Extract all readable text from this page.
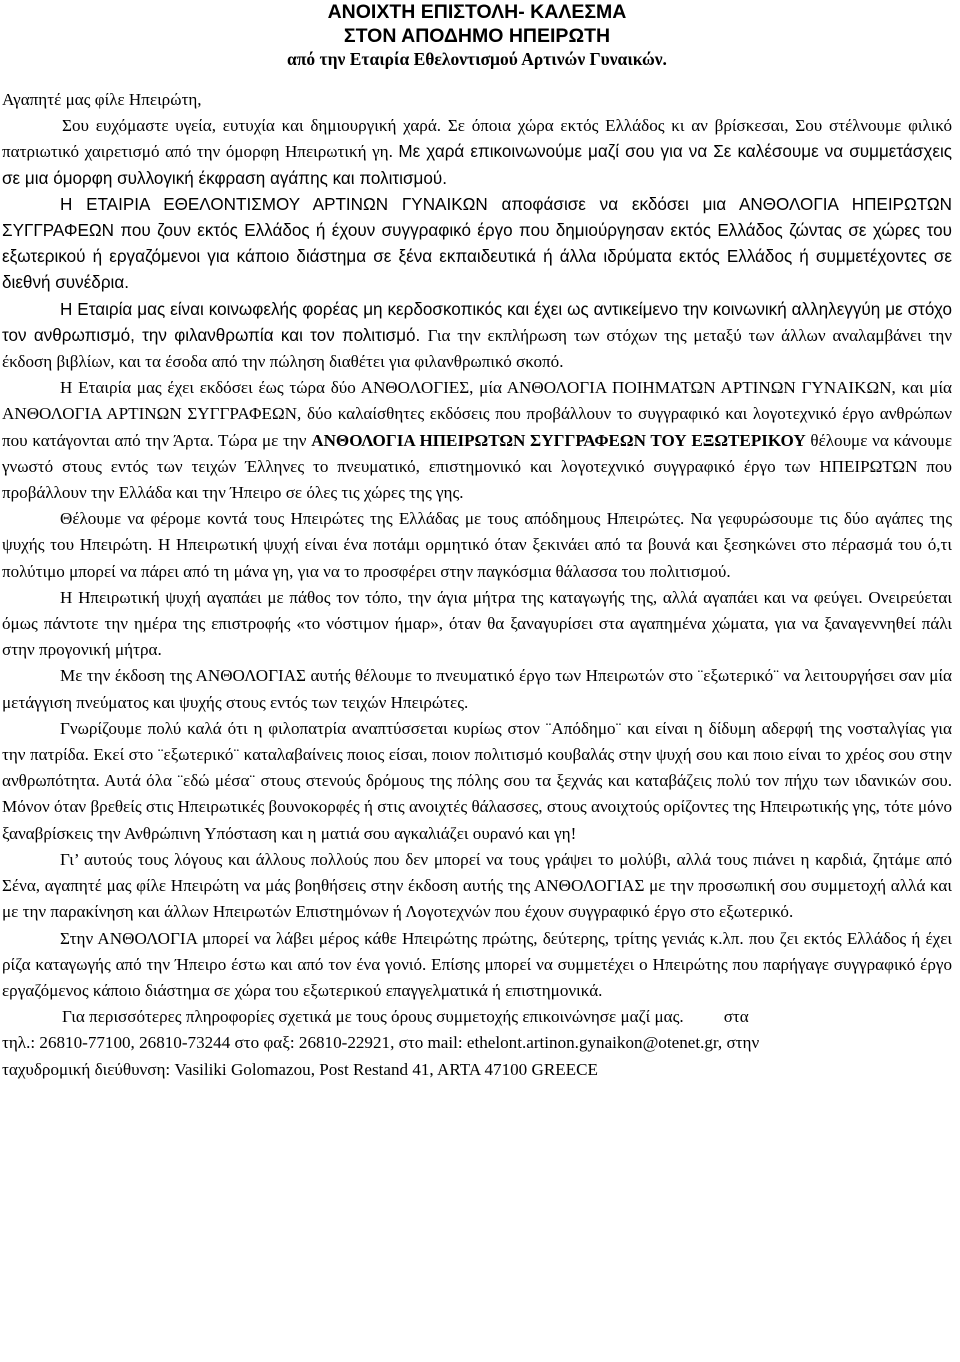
ΑΝΟΙΧΤΗ ΕΠΙΣΤΟΛΗ- ΚΑΛΕΣΜΑ
ΣΤΟΝ ΑΠΟΔΗΜΟ ΗΠΕΙΡΩΤΗ
από την Εταιρία Εθελοντισμού Αρτινών Γυναικών.

Αγαπητέ μας φίλε Ηπειρώτη,

Σου ευχόμαστε υγεία, ευτυχία και δημιουργική χαρά. Σε όποια χώρα εκτός Ελλάδος κι αν βρίσκεσαι, Σου στέλνουμε φιλικό πατριωτικό χαιρετισμό από την όμορφη Ηπειρωτική γη. Με χαρά επικοινωνούμε μαζί σου για να Σε καλέσουμε να συμμετάσχεις σε μια όμορφη συλλογική έκφραση αγάπης και πολιτισμού.

Η ΕΤΑΙΡΙΑ ΕΘΕΛΟΝΤΙΣΜΟΥ ΑΡΤΙΝΩΝ ΓΥΝΑΙΚΩΝ αποφάσισε να εκδόσει μια ΑΝΘΟΛΟΓΙΑ ΗΠΕΙΡΩΤΩΝ ΣΥΓΓΡΑΦΕΩΝ που ζουν εκτός Ελλάδος ή έχουν συγγραφικό έργο που δημιούργησαν εκτός Ελλάδος ζώντας σε χώρες του εξωτερικού ή εργαζόμενοι για κάποιο διάστημα σε ξένα εκπαιδευτικά ή άλλα ιδρύματα εκτός Ελλάδος ή συμμετέχοντες σε διεθνή συνέδρια.

Η Εταιρία μας είναι κοινωφελής φορέας μη κερδοσκοπικός και έχει ως αντικείμενο την κοινωνική αλληλεγγύη με στόχο τον ανθρωπισμό, την φιλανθρωπία και τον πολιτισμό. Για την εκπλήρωση των στόχων της μεταξύ των άλλων αναλαμβάνει την έκδοση βιβλίων, και τα έσοδα από την πώληση διαθέτει για φιλανθρωπικό σκοπό.

Η Εταιρία μας έχει εκδόσει έως τώρα δύο ΑΝΘΟΛΟΓΙΕΣ, μία ΑΝΘΟΛΟΓΙΑ ΠΟΙΗΜΑΤΩΝ ΑΡΤΙΝΩΝ ΓΥΝΑΙΚΩΝ, και μία ΑΝΘΟΛΟΓΙΑ ΑΡΤΙΝΩΝ ΣΥΓΓΡΑΦΕΩΝ, δύο καλαίσθητες εκδόσεις που προβάλλουν το συγγραφικό και λογοτεχνικό έργο ανθρώπων που κατάγονται από την Άρτα. Τώρα με την ΑΝΘΟΛΟΓΙΑ ΗΠΕΙΡΩΤΩΝ ΣΥΓΓΡΑΦΕΩΝ ΤΟΥ ΕΞΩΤΕΡΙΚΟΥ θέλουμε να κάνουμε γνωστό στους εντός των τειχών Έλληνες το πνευματικό, επιστημονικό και λογοτεχνικό συγγραφικό έργο των ΗΠΕΙΡΩΤΩΝ που προβάλλουν την Ελλάδα και την Ήπειρο σε όλες τις χώρες της γης.

Θέλουμε να φέρομε κοντά τους Ηπειρώτες της Ελλάδας με τους απόδημους Ηπειρώτες. Να γεφυρώσουμε τις δύο αγάπες της ψυχής του Ηπειρώτη. Η Ηπειρωτική ψυχή είναι ένα ποτάμι ορμητικό όταν ξεκινάει από τα βουνά και ξεσηκώνει στο πέρασμά του ό,τι πολύτιμο μπορεί να πάρει από τη μάνα γη, για να το προσφέρει στην παγκόσμια θάλασσα του πολιτισμού.

Η Ηπειρωτική ψυχή αγαπάει με πάθος τον τόπο, την άγια μήτρα της καταγωγής της, αλλά αγαπάει και να φεύγει. Ονειρεύεται όμως πάντοτε την ημέρα της επιστροφής «το νόστιμον ήμαρ», όταν θα ξαναγυρίσει στα αγαπημένα χώματα, για να ξαναγεννηθεί πάλι στην προγονική μήτρα.

Με την έκδοση της ΑΝΘΟΛΟΓΙΑΣ αυτής θέλουμε το πνευματικό έργο των Ηπειρωτών στο ¨εξωτερικό¨ να λειτουργήσει σαν μία μετάγγιση πνεύματος και ψυχής στους εντός των τειχών Ηπειρώτες.

Γνωρίζουμε πολύ καλά ότι η φιλοπατρία αναπτύσσεται κυρίως στον ¨Απόδημο¨ και είναι η δίδυμη αδερφή της νοσταλγίας για την πατρίδα. Εκεί στο ¨εξωτερικό¨ καταλαβαίνεις ποιος είσαι, ποιον πολιτισμό κουβαλάς στην ψυχή σου και ποιο είναι το χρέος σου στην ανθρωπότητα. Αυτά όλα ¨εδώ μέσα¨ στους στενούς δρόμους της πόλης σου τα ξεχνάς και καταβάζεις πολύ τον πήχυ των ιδανικών σου. Μόνον όταν βρεθείς στις Ηπειρωτικές βουνοκορφές ή στις ανοιχτές θάλασσες, στους ανοιχτούς ορίζοντες της Ηπειρωτικής γης, τότε μόνο ξαναβρίσκεις την Ανθρώπινη Υπόσταση και η ματιά σου αγκαλιάζει ουρανό και γη!

Γι’ αυτούς τους λόγους και άλλους πολλούς που δεν μπορεί να τους γράψει το μολύβι, αλλά τους πιάνει η καρδιά, ζητάμε από Σένα, αγαπητέ μας φίλε Ηπειρώτη να μάς βοηθήσεις στην έκδοση αυτής της ΑΝΘΟΛΟΓΙΑΣ με την προσωπική σου συμμετοχή αλλά και με την παρακίνηση και άλλων Ηπειρωτών Επιστημόνων ή Λογοτεχνών που έχουν συγγραφικό έργο στο εξωτερικό.

Στην ΑΝΘΟΛΟΓΙΑ μπορεί να λάβει μέρος κάθε Ηπειρώτης πρώτης, δεύτερης, τρίτης γενιάς κ.λπ. που ζει εκτός Ελλάδος ή έχει ρίζα καταγωγής από την Ήπειρο έστω και από τον ένα γονιό. Επίσης μπορεί να συμμετέχει ο Ηπειρώτης που παρήγαγε συγγραφικό έργο εργαζόμενος κάποιο διάστημα σε χώρα του εξωτερικού επαγγελματικά ή επιστημονικά.

Για περισσότερες πληροφορίες σχετικά με τους όρους συμμετοχής επικοινώνησε μαζί μας. στα
τηλ.: 26810-77100, 26810-73244 στο φαξ: 26810-22921, στο mail: ethelont.artinon.gynaikon@otenet.gr, στην
ταχυδρομική διεύθυνση: Vasiliki Golomazou, Post Restand 41, ARTA 47100 GREECE
